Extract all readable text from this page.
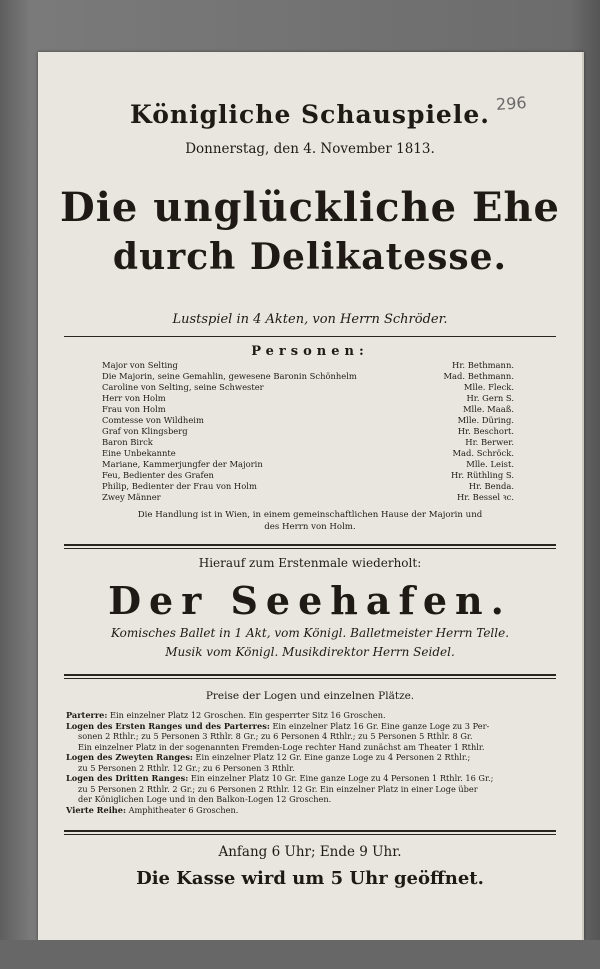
Königliche Schauspiele.
Donnerstag, den 4. November 1813.
Die unglückliche Ehe
durch Delikatesse.
Lustspiel in 4 Akten, von Herrn Schröder.
Personen:
Major von Selting	Hr. Bethmann.
Die Majorin, seine Gemahlin, gewesene Baronin Schönhelm	Mad. Bethmann.
Caroline von Selting, seine Schwester	Mlle. Fleck.
Herr von Holm	Hr. Gern S.
Frau von Holm	Mlle. Maaß.
Comtesse von Wildheim	Mlle. Düring.
Graf von Klingsberg	Hr. Beschort.
Baron Birck	Hr. Berwer.
Eine Unbekannte	Mad. Schröck.
Mariane, Kammerjungfer der Majorin	Mlle. Leist.
Feu, Bedienter des Grafen	Hr. Rüthling S.
Philip, Bedienter der Frau von Holm	Hr. Benda.
Zwey Männer	Hr. Bessel ꝛc.
Die Handlung ist in Wien, in einem gemeinschaftlichen Hause der Majorin und
des Herrn von Holm.
Hierauf zum Erstenmale wiederholt:
Der Seehafen.
Komisches Ballet in 1 Akt, vom Königl. Balletmeister Herrn Telle.
Musik vom Königl. Musikdirektor Herrn Seidel.
Preise der Logen und einzelnen Plätze.
Parterre: Ein einzelner Platz 12 Groschen. Ein gesperrter Sitz 16 Groschen.
Logen des Ersten Ranges und des Parterres: Ein einzelner Platz 16 Gr. Eine ganze Loge zu 3 Per-
sonen 2 Rthlr.; zu 5 Personen 3 Rthlr. 8 Gr.; zu 6 Personen 4 Rthlr.; zu 5 Personen 5 Rthlr. 8 Gr.
Ein einzelner Platz in der sogenannten Fremden-Loge rechter Hand zunächst am Theater 1 Rthlr.
Logen des Zweyten Ranges: Ein einzelner Platz 12 Gr. Eine ganze Loge zu 4 Personen 2 Rthlr.;
zu 5 Personen 2 Rthlr. 12 Gr.; zu 6 Personen 3 Rthlr.
Logen des Dritten Ranges: Ein einzelner Platz 10 Gr. Eine ganze Loge zu 4 Personen 1 Rthlr. 16 Gr.;
zu 5 Personen 2 Rthlr. 2 Gr.; zu 6 Personen 2 Rthlr. 12 Gr. Ein einzelner Platz in einer Loge über
der Königlichen Loge und in den Balkon-Logen 12 Groschen.
Vierte Reihe: Amphitheater 6 Groschen.
Anfang 6 Uhr; Ende 9 Uhr.
Die Kasse wird um 5 Uhr geöffnet.
296
